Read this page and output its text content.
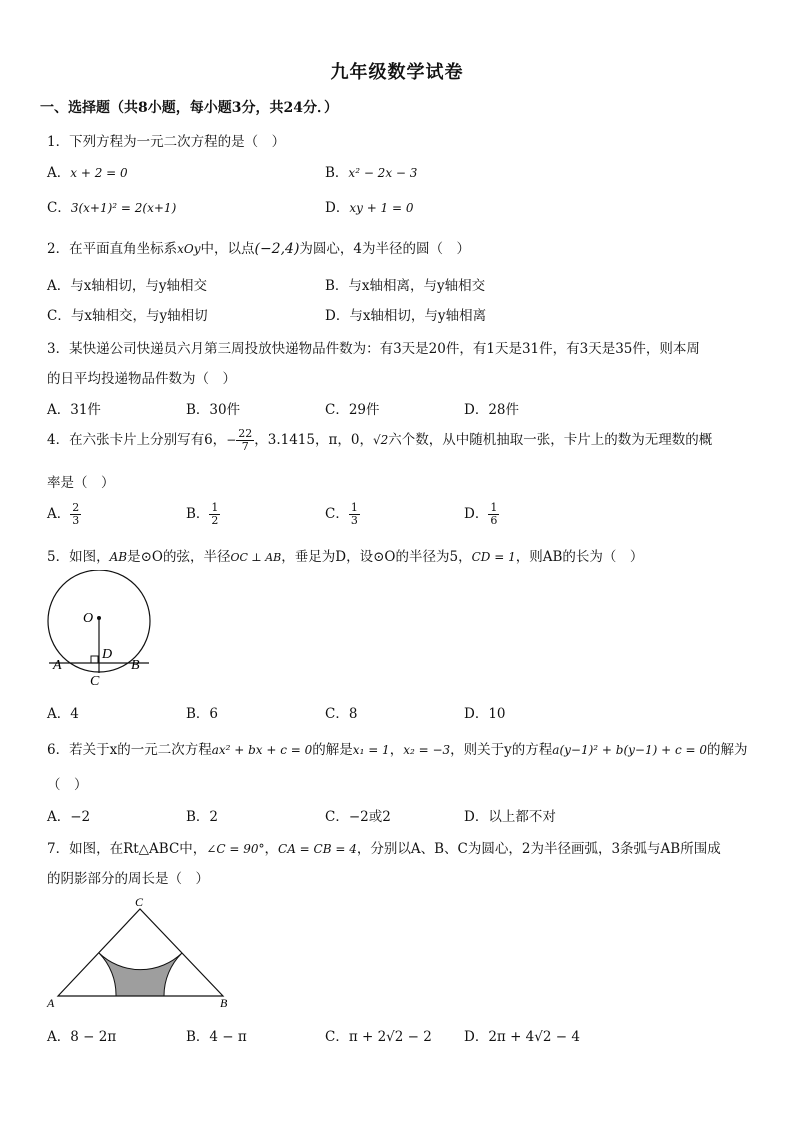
九年级数学试卷
一、选择题（共8小题，每小题3分，共24分．）
1．下列方程为一元二次方程的是（　）
A．x + 2 = 0	B．x² − 2x − 3
C．3(x+1)² = 2(x+1)	D．xy + 1 = 0
2．在平面直角坐标系xOy中，以点(−2,4)为圆心，4为半径的圆（　）
A．与x轴相切，与y轴相交	B．与x轴相离，与y轴相交
C．与x轴相交，与y轴相切	D．与x轴相切，与y轴相离
3．某快递公司快递员六月第三周投放快递物品件数为：有3天是20件，有1天是31件，有3天是35件，则本周
的日平均投递物品件数为（　）
A．31件	B．30件	C．29件	D．28件
4．在六张卡片上分别写有6，− $\frac{22}{7}$ ，3.1415，π，0，√2六个数，从中随机抽取一张，卡片上的数为无理数的概
率是（　）
A． $\frac{2}{3}$	B． $\frac{1}{2}$	C． $\frac{1}{3}$	D． $\frac{1}{6}$
5．如图，AB是⊙O的弦，半径OC ⊥ AB，垂足为D，设⊙O的半径为5，CD = 1，则AB的长为（　）
O
D
A	B
C
A．4	B．6	C．8	D．10
6．若关于x的一元二次方程ax² + bx + c = 0的解是x₁ = 1，x₂ = −3，则关于y的方程a(y−1)² + b(y−1) + c = 0的解为
（　）
A．−2	B．2	C．−2或2	D．以上都不对
7．如图，在Rt△ABC中，∠C = 90°，CA = CB = 4，分别以A、B、C为圆心，2为半径画弧，3条弧与AB所围成
的阴影部分的周长是（　）
C
A	B
A．8 − 2π	B．4 − π	C．π + 2√2 − 2 D．2π + 4√2 − 4
